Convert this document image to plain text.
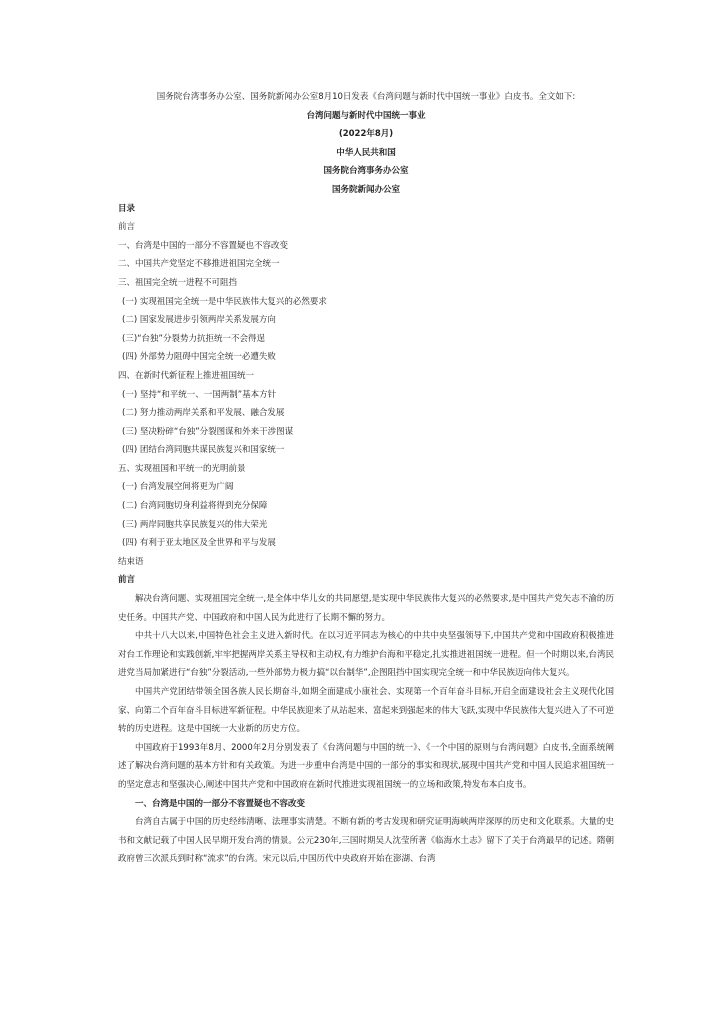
国务院台湾事务办公室、国务院新闻办公室8月10日发表《台湾问题与新时代中国统一事业》白皮书。全文如下:

台湾问题与新时代中国统一事业

(2022年8月)

中华人民共和国

国务院台湾事务办公室

国务院新闻办公室

目录

前言

一、台湾是中国的一部分不容置疑也不容改变

二、中国共产党坚定不移推进祖国完全统一

三、祖国完全统一进程不可阻挡

(一) 实现祖国完全统一是中华民族伟大复兴的必然要求

(二) 国家发展进步引领两岸关系发展方向

(三)“台独”分裂势力抗拒统一不会得逞

(四) 外部势力阻碍中国完全统一必遭失败

四、在新时代新征程上推进祖国统一

(一) 坚持“和平统一、一国两制”基本方针

(二) 努力推动两岸关系和平发展、融合发展

(三) 坚决粉碎“台独”分裂图谋和外来干涉图谋

(四) 团结台湾同胞共谋民族复兴和国家统一

五、实现祖国和平统一的光明前景

(一) 台湾发展空间将更为广阔

(二) 台湾同胞切身利益将得到充分保障

(三) 两岸同胞共享民族复兴的伟大荣光

(四) 有利于亚太地区及全世界和平与发展

结束语

前言

解决台湾问题、实现祖国完全统一,是全体中华儿女的共同愿望,是实现中华民族伟大复兴的必然要求,是中国共产党矢志不渝的历史任务。中国共产党、中国政府和中国人民为此进行了长期不懈的努力。

中共十八大以来,中国特色社会主义进入新时代。在以习近平同志为核心的中共中央坚强领导下,中国共产党和中国政府积极推进对台工作理论和实践创新,牢牢把握两岸关系主导权和主动权,有力维护台海和平稳定,扎实推进祖国统一进程。但一个时期以来,台湾民进党当局加紧进行“台独”分裂活动,一些外部势力极力搞“以台制华”,企图阻挡中国实现完全统一和中华民族迈向伟大复兴。

中国共产党团结带领全国各族人民长期奋斗,如期全面建成小康社会、实现第一个百年奋斗目标,开启全面建设社会主义现代化国家、向第二个百年奋斗目标进军新征程。中华民族迎来了从站起来、富起来到强起来的伟大飞跃,实现中华民族伟大复兴进入了不可逆转的历史进程。这是中国统一大业新的历史方位。

中国政府于1993年8月、2000年2月分别发表了《台湾问题与中国的统一》、《一个中国的原则与台湾问题》白皮书,全面系统阐述了解决台湾问题的基本方针和有关政策。为进一步重申台湾是中国的一部分的事实和现状,展现中国共产党和中国人民追求祖国统一的坚定意志和坚强决心,阐述中国共产党和中国政府在新时代推进实现祖国统一的立场和政策,特发布本白皮书。

一、台湾是中国的一部分不容置疑也不容改变

台湾自古属于中国的历史经纬清晰、法理事实清楚。不断有新的考古发现和研究证明海峡两岸深厚的历史和文化联系。大量的史书和文献记载了中国人民早期开发台湾的情景。公元230年,三国时期吴人沈莹所著《临海水土志》留下了关于台湾最早的记述。隋朝政府曾三次派兵到时称“流求”的台湾。宋元以后,中国历代中央政府开始在澎湖、台湾
